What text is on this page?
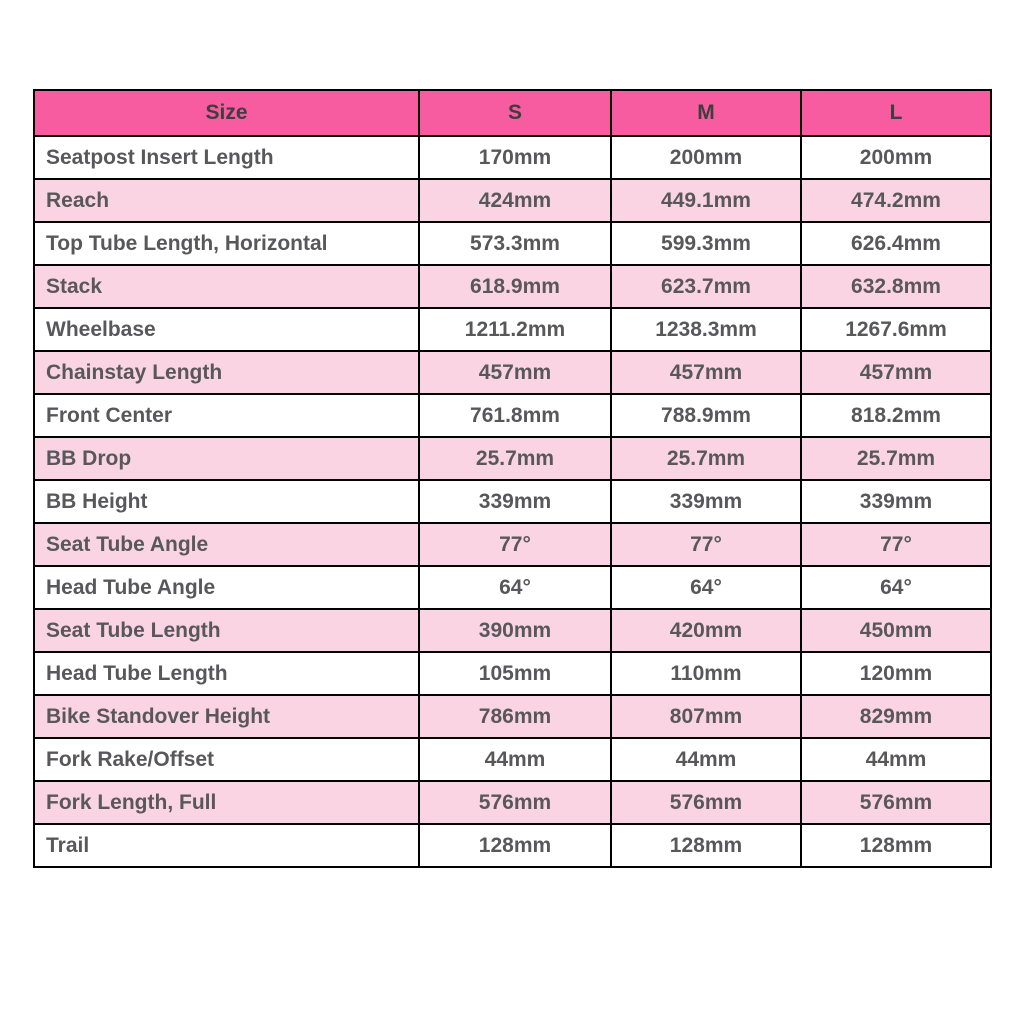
Size	S	M	L
Seatpost Insert Length	170mm	200mm	200mm
Reach	424mm	449.1mm	474.2mm
Top Tube Length, Horizontal	573.3mm	599.3mm	626.4mm
Stack	618.9mm	623.7mm	632.8mm
Wheelbase	1211.2mm	1238.3mm	1267.6mm
Chainstay Length	457mm	457mm	457mm
Front Center	761.8mm	788.9mm	818.2mm
BB Drop	25.7mm	25.7mm	25.7mm
BB Height	339mm	339mm	339mm
Seat Tube Angle	77°	77°	77°
Head Tube Angle	64°	64°	64°
Seat Tube Length	390mm	420mm	450mm
Head Tube Length	105mm	110mm	120mm
Bike Standover Height	786mm	807mm	829mm
Fork Rake/Offset	44mm	44mm	44mm
Fork Length, Full	576mm	576mm	576mm
Trail	128mm	128mm	128mm
